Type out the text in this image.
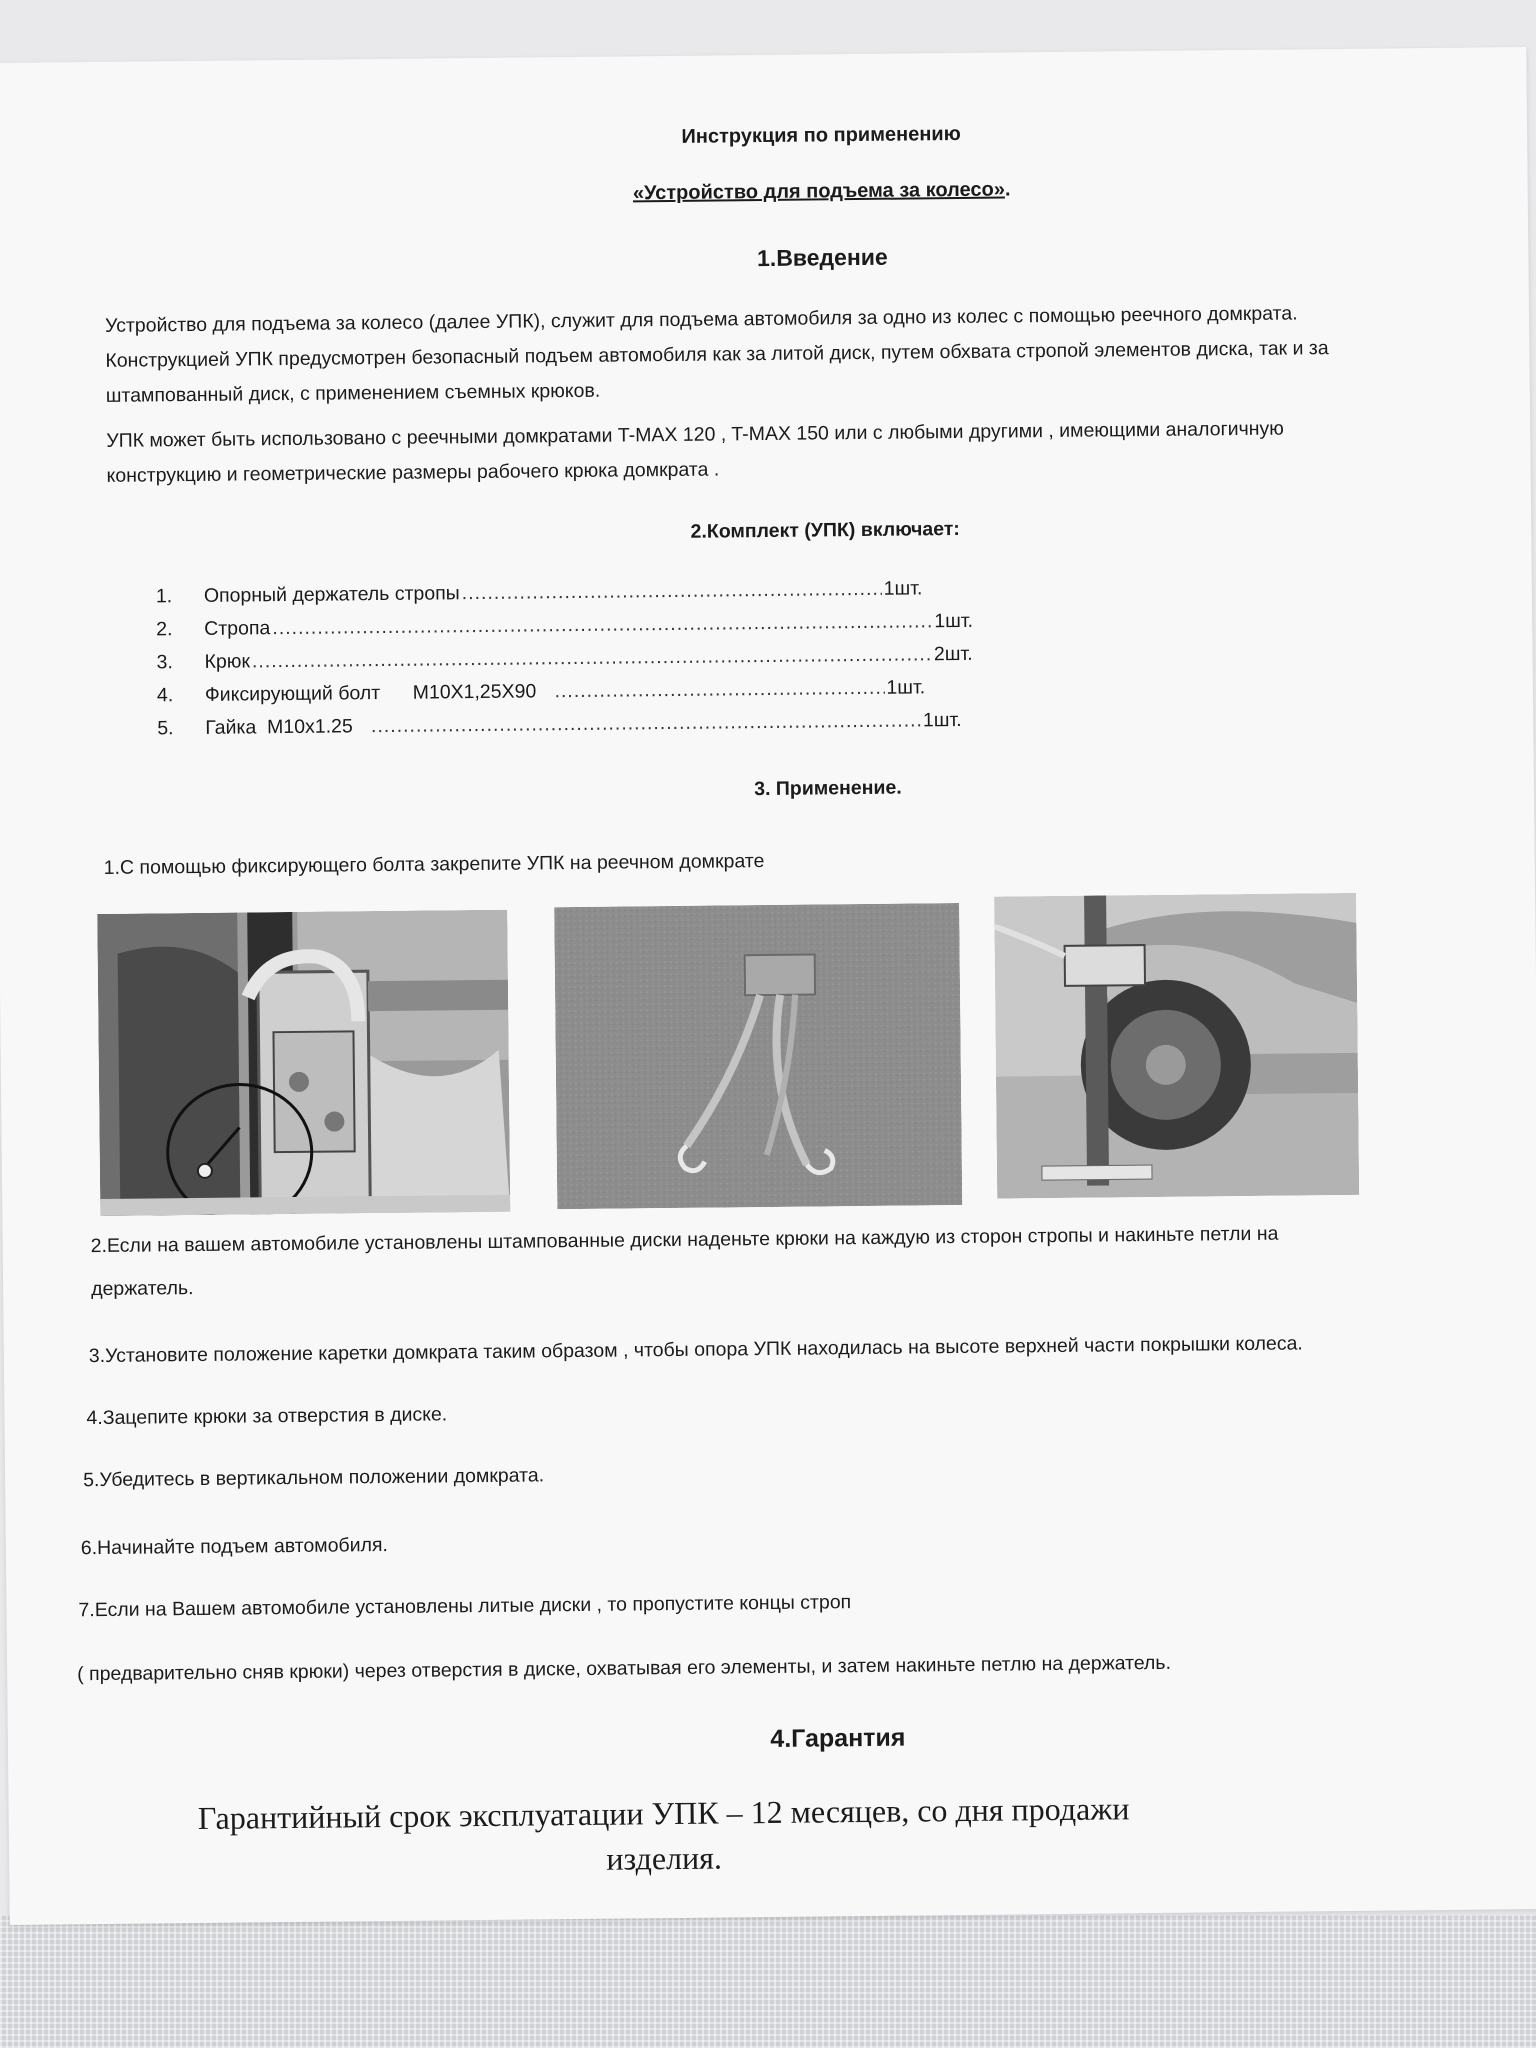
Инструкция по применению
«Устройство для подъема за колесо».
1.Введение
Устройство для подъема за колесо (далее УПК), служит для подъема автомобиля за одно из колес с помощью реечного домкрата.
Конструкцией УПК предусмотрен безопасный подъем автомобиля как за литой диск, путем обхвата стропой элементов диска, так и за
штампованный диск, с применением съемных крюков.
УПК может быть использовано с реечными домкратами T-MAX 120 , T-MAX 150 или с любыми другими , имеющими аналогичную
конструкцию и геометрические размеры рабочего крюка домкрата .
2.Комплект (УПК) включает:
1.	Опорный держатель стропы .....	1шт.
2.	Стропа .....	1шт.
3.	Крюк .....	2шт.
4.	Фиксирующий болт      M10X1,25X90 .....	1шт.
5.	Гайка  M10x1.25 .....	1шт.
3. Применение.
1.С помощью фиксирующего болта закрепите УПК на реечном домкрате
2.Если на вашем автомобиле установлены штампованные диски наденьте крюки на каждую из сторон стропы и накиньте петли на
держатель.
3.Установите положение каретки домкрата таким образом , чтобы опора УПК находилась на высоте верхней части покрышки колеса.
4.Зацепите крюки за отверстия в диске.
5.Убедитесь в вертикальном положении домкрата.
6.Начинайте подъем автомобиля.
7.Если на Вашем автомобиле установлены литые диски , то пропустите концы строп
( предварительно сняв крюки) через отверстия в диске, охватывая его элементы, и затем накиньте петлю на держатель.
4.Гарантия
Гарантийный срок эксплуатации УПК – 12 месяцев, со дня продажи изделия.
